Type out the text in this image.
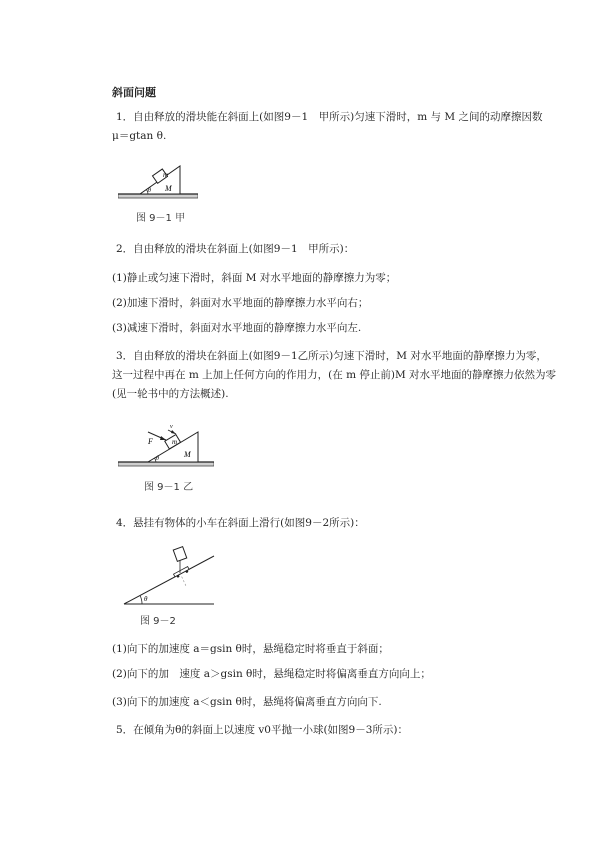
斜面问题
1．自由释放的滑块能在斜面上(如图9－1　甲所示)匀速下滑时，m 与 M 之间的动摩擦因数
μ＝gtan θ.
m
M
θ
图 9－1 甲
2．自由释放的滑块在斜面上(如图9－1　甲所示)：
(1)静止或匀速下滑时，斜面 M 对水平地面的静摩擦力为零；
(2)加速下滑时，斜面对水平地面的静摩擦力水平向右；
(3)减速下滑时，斜面对水平地面的静摩擦力水平向左.
3．自由释放的滑块在斜面上(如图9－1乙所示)匀速下滑时，M 对水平地面的静摩擦力为零，
这一过程中再在 m 上加上任何方向的作用力，(在 m 停止前)M 对水平地面的静摩擦力依然为零
(见一轮书中的方法概述).
m
F
v
M
θ
图 9－1 乙
4．悬挂有物体的小车在斜面上滑行(如图9－2所示)：
θ
图 9－2
(1)向下的加速度 a＝gsin θ时，悬绳稳定时将垂直于斜面；
(2)向下的加　速度 a＞gsin θ时，悬绳稳定时将偏离垂直方向向上；
(3)向下的加速度 a＜gsin θ时，悬绳将偏离垂直方向向下.
5．在倾角为θ的斜面上以速度 v0平抛一小球(如图9－3所示)：
